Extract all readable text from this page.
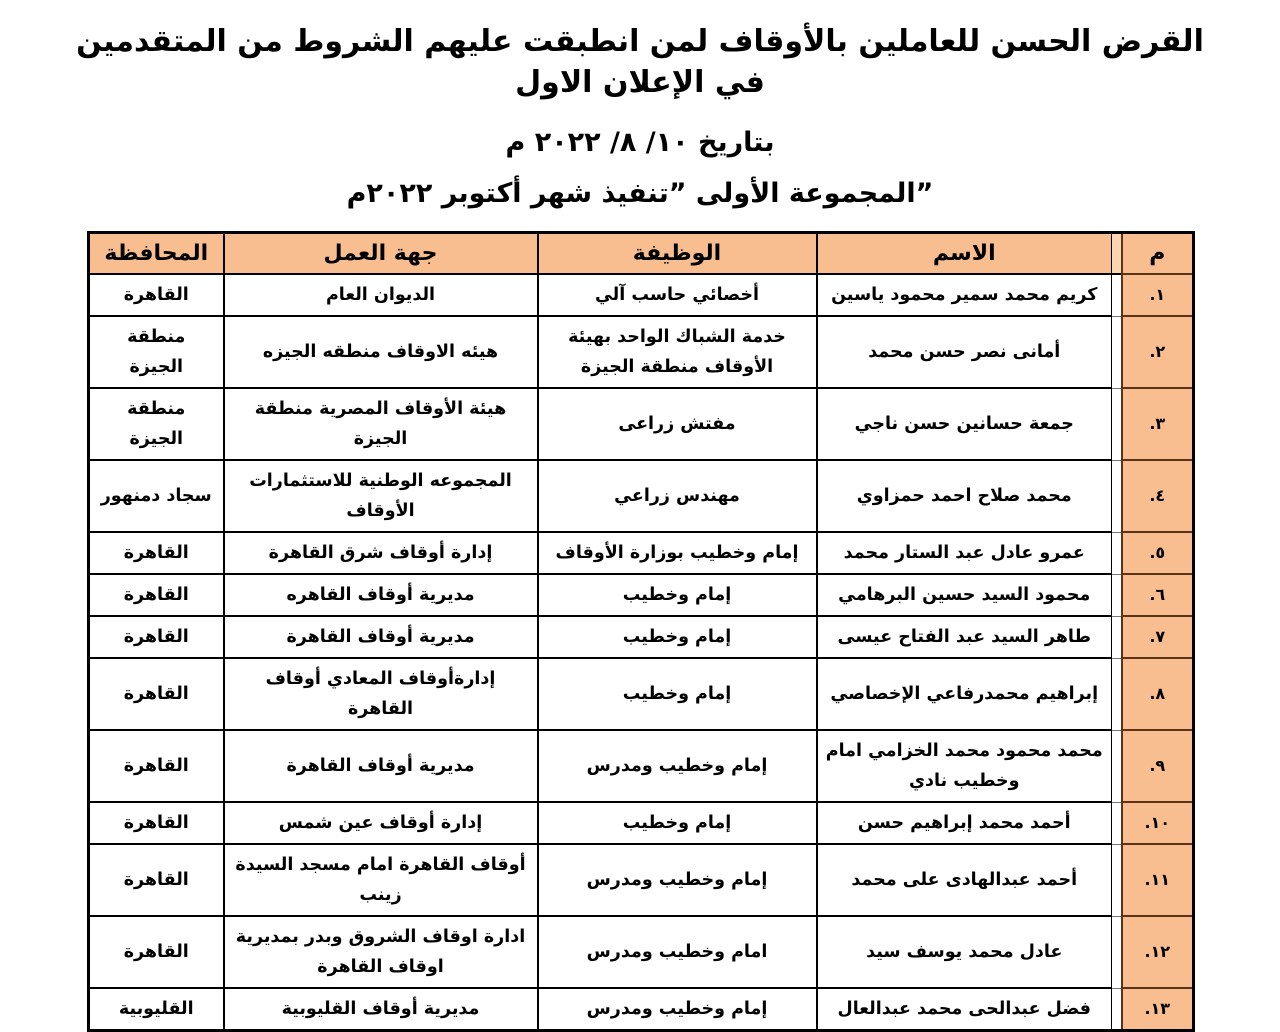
القرض الحسن للعاملين بالأوقاف لمن انطبقت عليهم الشروط من المتقدمين في الإعلان الاول
بتاريخ ١٠/ ٨/ ٢٠٢٢ م
”المجموعة الأولى ”تنفيذ شهر أكتوبر ٢٠٢٢م
م		الاسم	الوظيفة	جهة العمل	المحافظة
١.		كريم محمد سمير محمود ياسين	أخصائي حاسب آلي	الديوان العام	القاهرة
٢.		أمانى نصر حسن محمد	خدمة الشباك الواحد بهيئة الأوقاف منطقة الجيزة	هيئه الاوقاف منطقه الجيزه	منطقة الجيزة
٣.		جمعة حسانين حسن ناجي	مفتش زراعى	هيئة الأوقاف المصرية منطقة الجيزة	منطقة الجيزة
٤.		محمد صلاح احمد حمزاوي	مهندس زراعي	المجموعه الوطنية للاستثمارات الأوقاف	سجاد دمنهور
٥.		عمرو عادل عبد الستار محمد	إمام وخطيب بوزارة الأوقاف	إدارة أوقاف شرق القاهرة	القاهرة
٦.		محمود السيد حسين البرهامي	إمام وخطيب	مديرية أوقاف القاهره	القاهرة
٧.		طاهر السيد عبد الفتاح عيسى	إمام وخطيب	مديرية أوقاف القاهرة	القاهرة
٨.		إبراهيم محمدرفاعي الإخصاصي	إمام وخطيب	إدارةأوقاف المعادي أوقاف القاهرة	القاهرة
٩.		محمد محمود محمد الخزامي امام وخطيب نادي	إمام وخطيب ومدرس	مديرية أوقاف القاهرة	القاهرة
١٠.		أحمد محمد إبراهيم حسن	إمام وخطيب	إدارة أوقاف عين شمس	القاهرة
١١.		أحمد عبدالهادى على محمد	إمام وخطيب ومدرس	أوقاف القاهرة امام مسجد السيدة زينب	القاهرة
١٢.		عادل محمد يوسف سيد	امام وخطيب ومدرس	ادارة اوقاف الشروق وبدر بمديرية اوقاف القاهرة	القاهرة
١٣.		فضل عبدالحى محمد عبدالعال	إمام وخطيب ومدرس	مديرية أوقاف القليوبية	القليوبية
